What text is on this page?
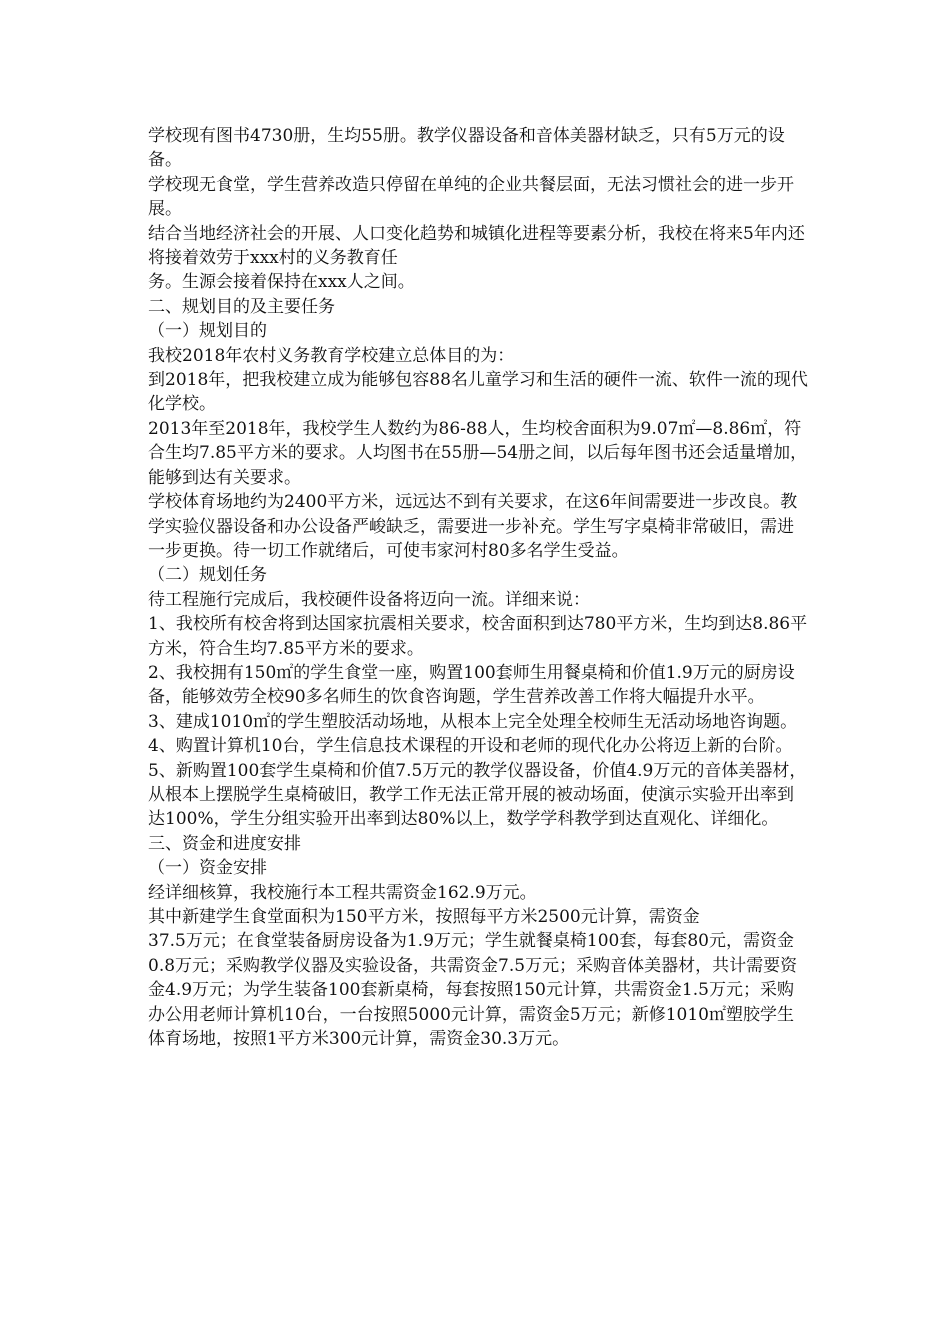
学校现有图书4730册，生均55册。教学仪器设备和音体美器材缺乏，只有5万元的设备。

学校现无食堂，学生营养改造只停留在单纯的企业共餐层面，无法习惯社会的进一步开展。

结合当地经济社会的开展、人口变化趋势和城镇化进程等要素分析，我校在将来5年内还将接着效劳于xxx村的义务教育任

务。生源会接着保持在xxx人之间。

二、规划目的及主要任务

（一）规划目的

我校2018年农村义务教育学校建立总体目的为：

到2018年，把我校建立成为能够包容88名儿童学习和生活的硬件一流、软件一流的现代化学校。

2013年至2018年，我校学生人数约为86-88人，生均校舍面积为9.07㎡—8.86㎡，符合生均7.85平方米的要求。人均图书在55册—54册之间，以后每年图书还会适量增加，能够到达有关要求。

学校体育场地约为2400平方米，远远达不到有关要求，在这6年间需要进一步改良。教学实验仪器设备和办公设备严峻缺乏，需要进一步补充。学生写字桌椅非常破旧，需进一步更换。待一切工作就绪后，可使韦家河村80多名学生受益。

（二）规划任务

待工程施行完成后，我校硬件设备将迈向一流。详细来说：

1、我校所有校舍将到达国家抗震相关要求，校舍面积到达780平方米，生均到达8.86平方米，符合生均7.85平方米的要求。

2、我校拥有150㎡的学生食堂一座，购置100套师生用餐桌椅和价值1.9万元的厨房设备，能够效劳全校90多名师生的饮食咨询题，学生营养改善工作将大幅提升水平。

3、建成1010㎡的学生塑胶活动场地，从根本上完全处理全校师生无活动场地咨询题。

4、购置计算机10台，学生信息技术课程的开设和老师的现代化办公将迈上新的台阶。

5、新购置100套学生桌椅和价值7.5万元的教学仪器设备，价值4.9万元的音体美器材，从根本上摆脱学生桌椅破旧，教学工作无法正常开展的被动场面，使演示实验开出率到达100%，学生分组实验开出率到达80%以上，数学学科教学到达直观化、详细化。

三、资金和进度安排

（一）资金安排

经详细核算，我校施行本工程共需资金162.9万元。

其中新建学生食堂面积为150平方米，按照每平方米2500元计算，需资金

37.5万元；在食堂装备厨房设备为1.9万元；学生就餐桌椅100套，每套80元，需资金0.8万元；采购教学仪器及实验设备，共需资金7.5万元；采购音体美器材，共计需要资金4.9万元；为学生装备100套新桌椅，每套按照150元计算，共需资金1.5万元；采购办公用老师计算机10台，一台按照5000元计算，需资金5万元；新修1010㎡塑胶学生体育场地，按照1平方米300元计算，需资金30.3万元。
